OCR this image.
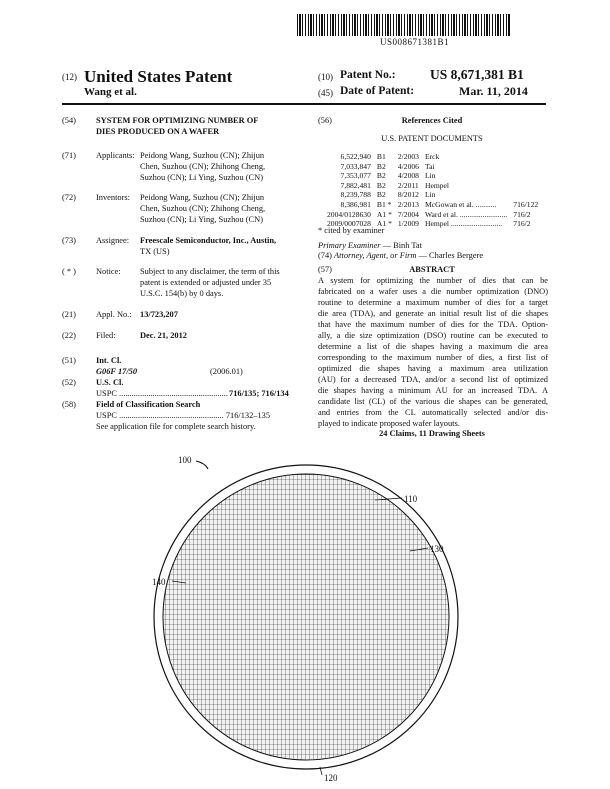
US008671381B1
(12) United States Patent
Wang et al.
(10) Patent No.:	US 8,671,381 B1
(45) Date of Patent:	Mar. 11, 2014
(54) SYSTEM FOR OPTIMIZING NUMBER OF
DIES PRODUCED ON A WAFER
(71) Applicants: Peidong Wang, Suzhou (CN); Zhijun
Chen, Suzhou (CN); Zhihong Cheng,
Suzhou (CN); Li Ying, Suzhou (CN)
(72) Inventors: Peidong Wang, Suzhou (CN); Zhijun
Chen, Suzhou (CN); Zhihong Cheng,
Suzhou (CN); Li Ying, Suzhou (CN)
(73) Assignee: Freescale Semiconductor, Inc., Austin,
TX (US)
( * ) Notice: Subject to any disclaimer, the term of this
patent is extended or adjusted under 35
U.S.C. 154(b) by 0 days.
(21) Appl. No.: 13/723,207
(22) Filed:	Dec. 21, 2012
(51) Int. Cl.
G06F 17/50	(2006.01)
(52) U.S. Cl.
USPC .................................................... 716/135; 716/134
(58) Field of Classification Search
USPC .................................................. 716/132–135
See application file for complete search history.
(56)	References Cited
U.S. PATENT DOCUMENTS
6,522,940	B1	2/2003	Erck	
7,033,847	B2	4/2006	Tai	
7,353,077	B2	4/2008	Lin	
7,882,481	B2	2/2011	Hempel	
8,239,788	B2	8/2012	Lin	
8,386,981	B1 *	2/2013	McGowan et al. ...........	716/122
2004/0128630	A1 *	7/2004	Ward et al. .........................	716/2
2009/0007028	A1 *	1/2009	Hempel ...........................	716/2
* cited by examiner
Primary Examiner — Binh Tat
(74) Attorney, Agent, or Firm — Charles Bergere
(57)	ABSTRACT
A system for optimizing the number of dies that can be
fabricated on a wafer uses a die number optimization (DNO)
routine to determine a maximum number of dies for a target
die area (TDA), and generate an initial result list of die shapes
that have the maximum number of dies for the TDA. Option-
ally, a die size optimization (DSO) routine can be executed to
determine a list of die shapes having a maximum die area
corresponding to the maximum number of dies, a first list of
optimized die shapes having a maximum area utilization
(AU) for a decreased TDA, and/or a second list of optimized
die shapes having a minimum AU for an increased TDA. A
candidate list (CL) of the various die shapes can be generated,
and entries from the CL automatically selected and/or dis-
played to indicate proposed wafer layouts.
24 Claims, 11 Drawing Sheets
100
110
130
140
120
